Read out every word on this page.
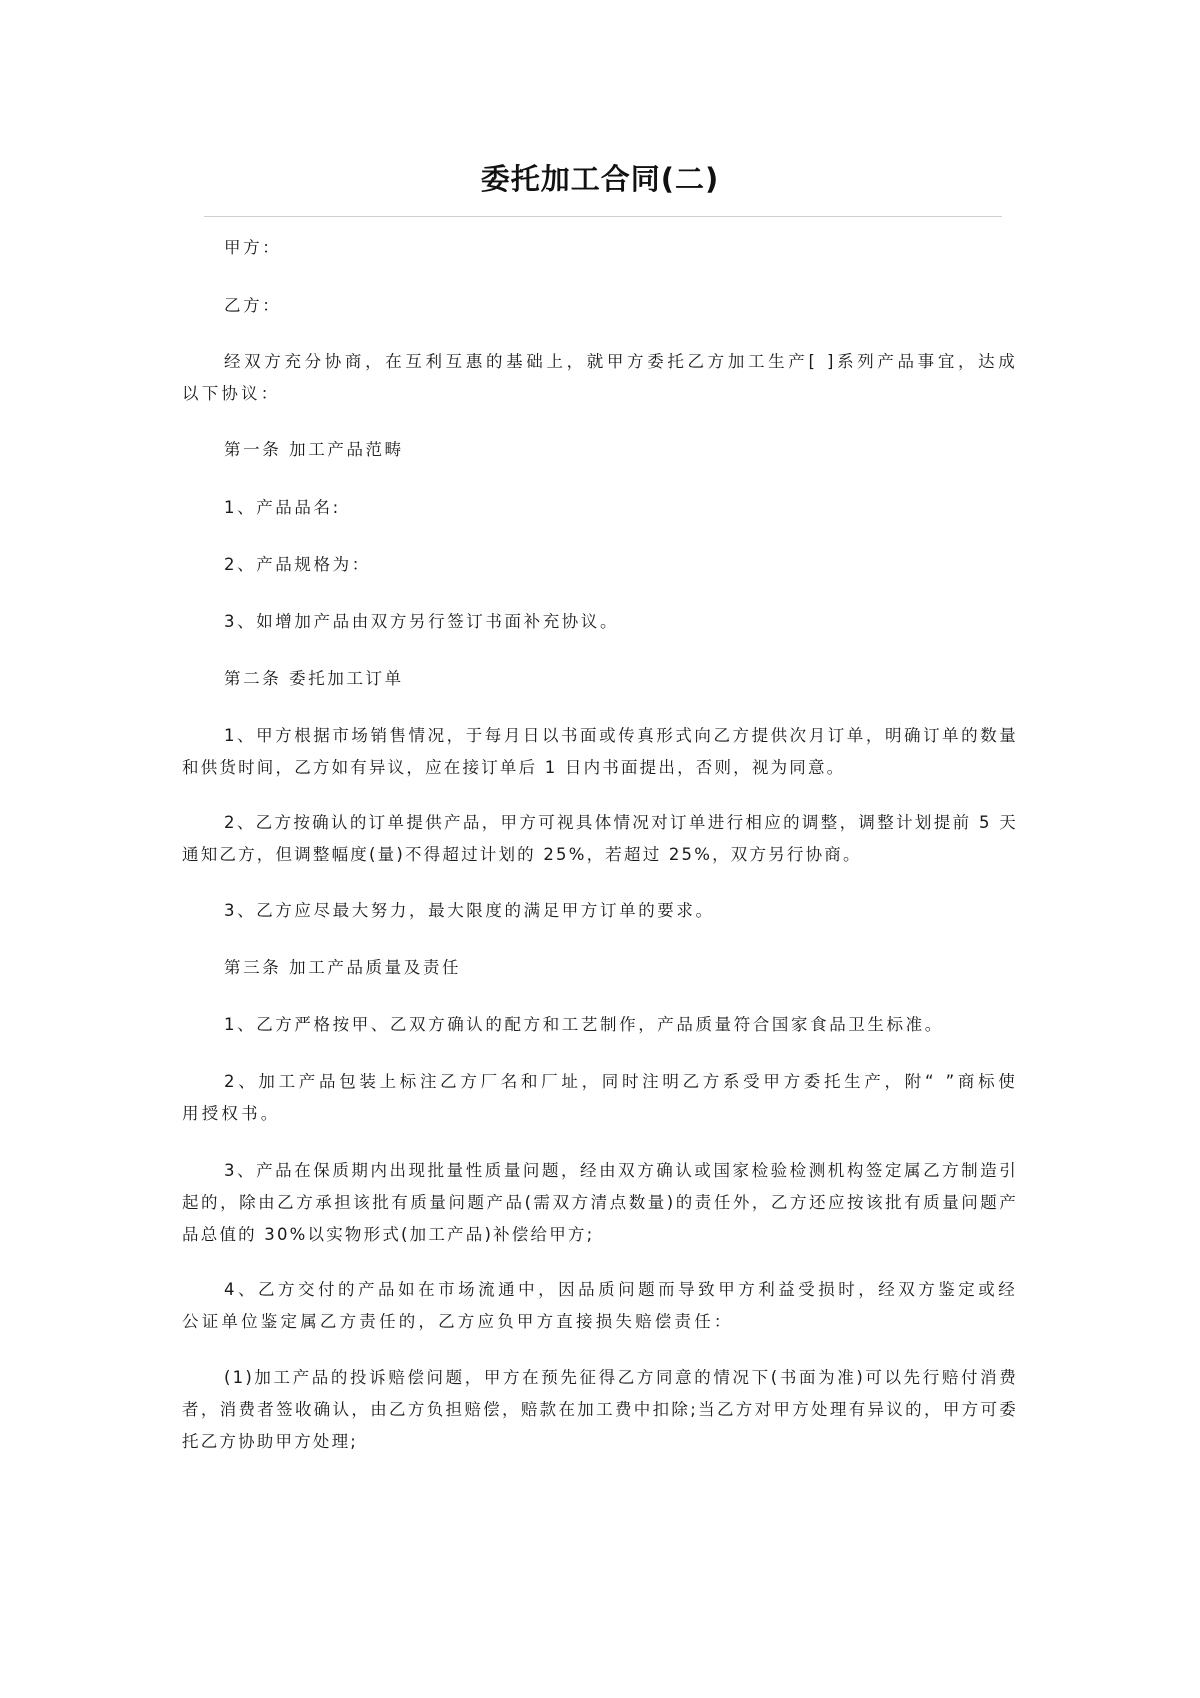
委托加工合同(二)

甲方：

乙方：

经双方充分协商，在互利互惠的基础上，就甲方委托乙方加工生产[ ]系列产品事宜，达成以下协议：

第一条 加工产品范畴

1、产品品名:

2、产品规格为：

3、如增加产品由双方另行签订书面补充协议。

第二条 委托加工订单

1、甲方根据市场销售情况，于每月日以书面或传真形式向乙方提供次月订单，明确订单的数量和供货时间，乙方如有异议，应在接订单后 1 日内书面提出，否则，视为同意。

2、乙方按确认的订单提供产品，甲方可视具体情况对订单进行相应的调整，调整计划提前 5 天通知乙方，但调整幅度(量)不得超过计划的 25%，若超过 25%，双方另行协商。

3、乙方应尽最大努力，最大限度的满足甲方订单的要求。

第三条 加工产品质量及责任

1、乙方严格按甲、乙双方确认的配方和工艺制作，产品质量符合国家食品卫生标准。

2、加工产品包装上标注乙方厂名和厂址，同时注明乙方系受甲方委托生产，附“ ”商标使用授权书。

3、产品在保质期内出现批量性质量问题，经由双方确认或国家检验检测机构签定属乙方制造引起的，除由乙方承担该批有质量问题产品(需双方清点数量)的责任外，乙方还应按该批有质量问题产品总值的 30%以实物形式(加工产品)补偿给甲方;

4、乙方交付的产品如在市场流通中，因品质问题而导致甲方利益受损时，经双方鉴定或经公证单位鉴定属乙方责任的，乙方应负甲方直接损失赔偿责任：

(1)加工产品的投诉赔偿问题，甲方在预先征得乙方同意的情况下(书面为准)可以先行赔付消费者，消费者签收确认，由乙方负担赔偿，赔款在加工费中扣除;当乙方对甲方处理有异议的，甲方可委托乙方协助甲方处理;
